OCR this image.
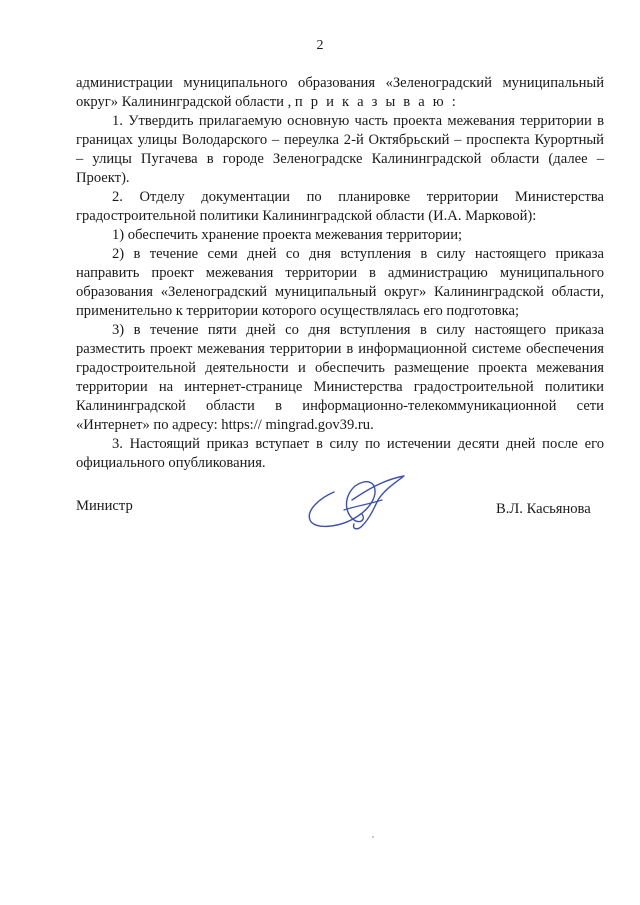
2

администрации муниципального образования «Зеленоградский муниципальный округ» Калининградской области , п р и к а з ы в а ю :

1. Утвердить прилагаемую основную часть проекта межевания территории в границах улицы Володарского – переулка 2-й Октябрьский – проспекта Курортный – улицы Пугачева в городе Зеленоградске Калининградской области (далее – Проект).

2. Отделу документации по планировке территории Министерства градостроительной политики Калининградской области (И.А. Марковой):

1) обеспечить хранение проекта межевания территории;

2) в течение семи дней со дня вступления в силу настоящего приказа направить проект межевания территории в администрацию муниципального образования «Зеленоградский муниципальный округ» Калининградской области, применительно к территории которого осуществлялась его подготовка;

3) в течение пяти дней со дня вступления в силу настоящего приказа разместить проект межевания территории в информационной системе обеспечения градостроительной деятельности и обеспечить размещение проекта межевания территории на интернет-странице Министерства градостроительной политики Калининградской области в информационно-телекоммуникационной сети «Интернет» по адресу: https:// mingrad.gov39.ru.

3. Настоящий приказ вступает в силу по истечении десяти дней после его официального опубликования.

Министр	В.Л. Касьянова
